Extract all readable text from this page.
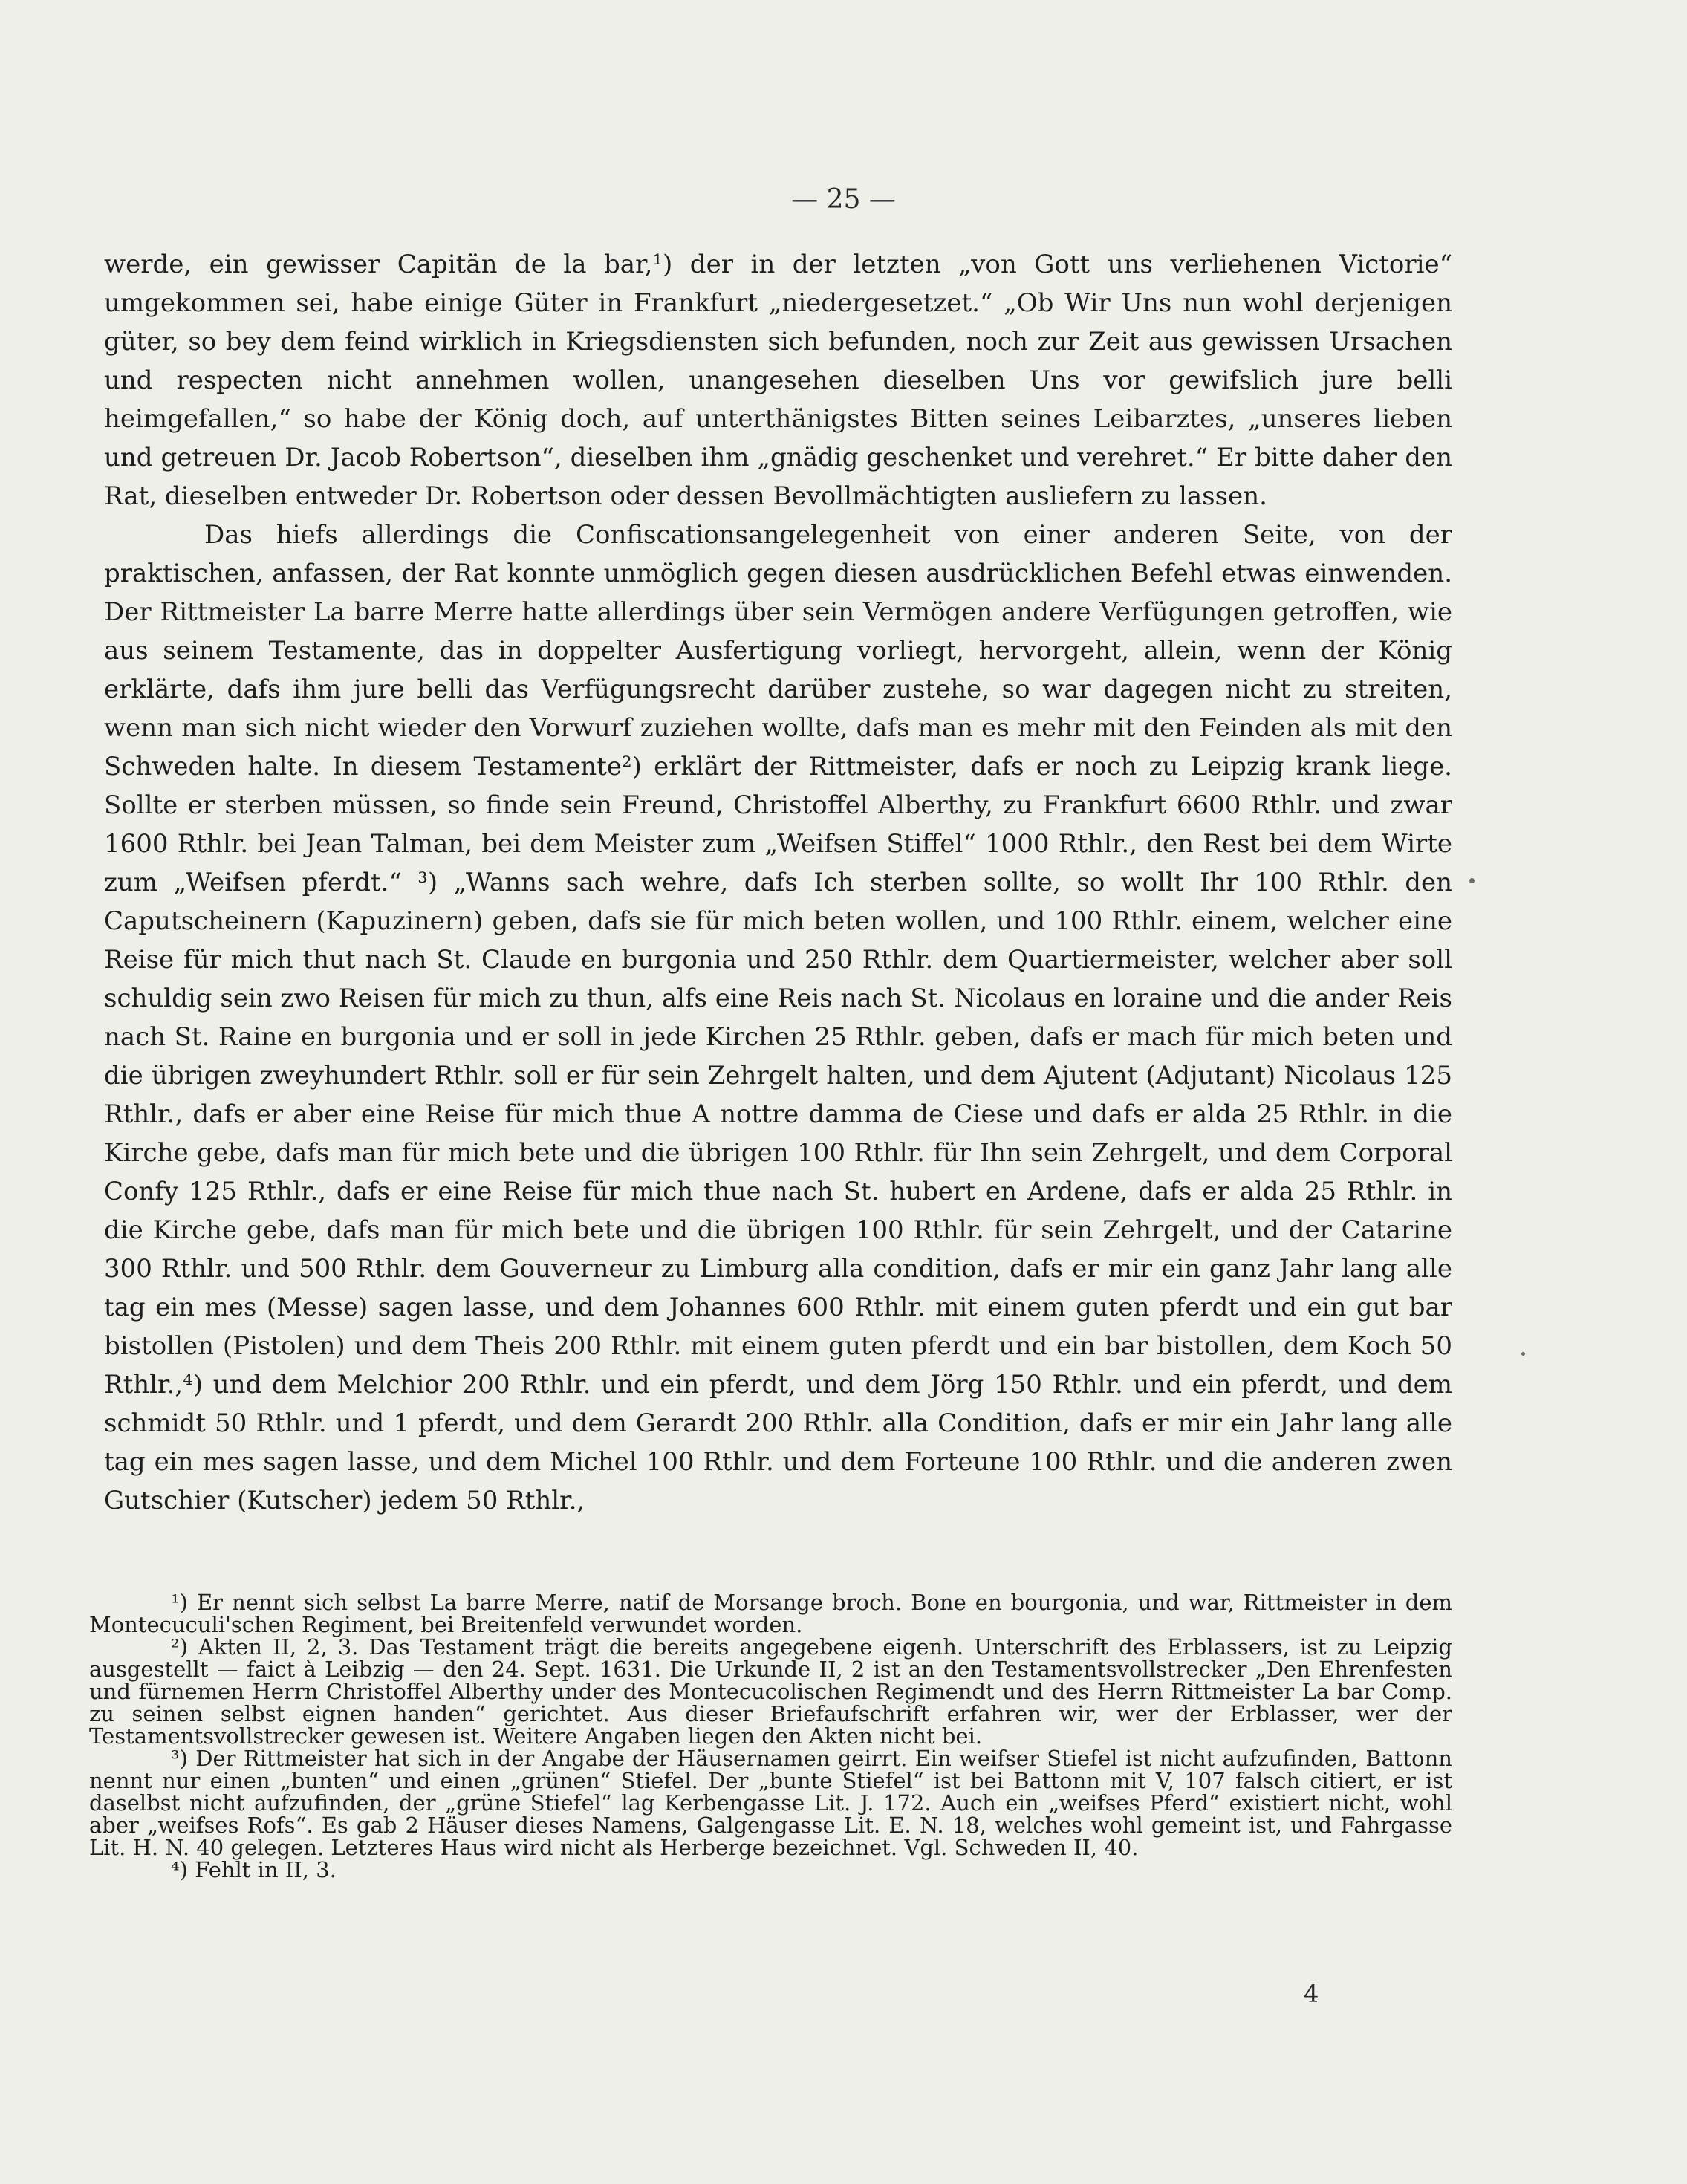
— 25 —

werde, ein gewisser Capitän de la bar,¹) der in der letzten „von Gott uns verliehenen Victorie“ umgekommen sei, habe einige Güter in Frankfurt „niedergesetzet.“ „Ob Wir Uns nun wohl derjenigen güter, so bey dem feind wirklich in Kriegsdiensten sich befunden, noch zur Zeit aus gewissen Ursachen und respecten nicht annehmen wollen, unangesehen dieselben Uns vor gewifslich jure belli heimgefallen,“ so habe der König doch, auf unterthänigstes Bitten seines Leibarztes, „unseres lieben und getreuen Dr. Jacob Robertson“, dieselben ihm „gnädig geschenket und verehret.“ Er bitte daher den Rat, dieselben entweder Dr. Robertson oder dessen Bevollmächtigten ausliefern zu lassen.

Das hiefs allerdings die Confiscationsangelegenheit von einer anderen Seite, von der praktischen, anfassen, der Rat konnte unmöglich gegen diesen ausdrücklichen Befehl etwas einwenden. Der Rittmeister La barre Merre hatte allerdings über sein Vermögen andere Verfügungen getroffen, wie aus seinem Testamente, das in doppelter Ausfertigung vorliegt, hervorgeht, allein, wenn der König erklärte, dafs ihm jure belli das Verfügungsrecht darüber zustehe, so war dagegen nicht zu streiten, wenn man sich nicht wieder den Vorwurf zuziehen wollte, dafs man es mehr mit den Feinden als mit den Schweden halte. In diesem Testamente²) erklärt der Rittmeister, dafs er noch zu Leipzig krank liege. Sollte er sterben müssen, so finde sein Freund, Christoffel Alberthy, zu Frankfurt 6600 Rthlr. und zwar 1600 Rthlr. bei Jean Talman, bei dem Meister zum „Weifsen Stiffel“ 1000 Rthlr., den Rest bei dem Wirte zum „Weifsen pferdt.“ ³) „Wanns sach wehre, dafs Ich sterben sollte, so wollt Ihr 100 Rthlr. den Caputscheinern (Kapuzinern) geben, dafs sie für mich beten wollen, und 100 Rthlr. einem, welcher eine Reise für mich thut nach St. Claude en burgonia und 250 Rthlr. dem Quartiermeister, welcher aber soll schuldig sein zwo Reisen für mich zu thun, alfs eine Reis nach St. Nicolaus en loraine und die ander Reis nach St. Raine en burgonia und er soll in jede Kirchen 25 Rthlr. geben, dafs er mach für mich beten und die übrigen zweyhundert Rthlr. soll er für sein Zehrgelt halten, und dem Ajutent (Adjutant) Nicolaus 125 Rthlr., dafs er aber eine Reise für mich thue A nottre damma de Ciese und dafs er alda 25 Rthlr. in die Kirche gebe, dafs man für mich bete und die übrigen 100 Rthlr. für Ihn sein Zehrgelt, und dem Corporal Confy 125 Rthlr., dafs er eine Reise für mich thue nach St. hubert en Ardene, dafs er alda 25 Rthlr. in die Kirche gebe, dafs man für mich bete und die übrigen 100 Rthlr. für sein Zehrgelt, und der Catarine 300 Rthlr. und 500 Rthlr. dem Gouverneur zu Limburg alla condition, dafs er mir ein ganz Jahr lang alle tag ein mes (Messe) sagen lasse, und dem Johannes 600 Rthlr. mit einem guten pferdt und ein gut bar bistollen (Pistolen) und dem Theis 200 Rthlr. mit einem guten pferdt und ein bar bistollen, dem Koch 50 Rthlr.,⁴) und dem Melchior 200 Rthlr. und ein pferdt, und dem Jörg 150 Rthlr. und ein pferdt, und dem schmidt 50 Rthlr. und 1 pferdt, und dem Gerardt 200 Rthlr. alla Condition, dafs er mir ein Jahr lang alle tag ein mes sagen lasse, und dem Michel 100 Rthlr. und dem Forteune 100 Rthlr. und die anderen zwen Gutschier (Kutscher) jedem 50 Rthlr.,

¹) Er nennt sich selbst La barre Merre, natif de Morsange broch. Bone en bourgonia, und war, Rittmeister in dem Montecuculi'schen Regiment, bei Breitenfeld verwundet worden.

²) Akten II, 2, 3. Das Testament trägt die bereits angegebene eigenh. Unterschrift des Erblassers, ist zu Leipzig ausgestellt — faict à Leibzig — den 24. Sept. 1631. Die Urkunde II, 2 ist an den Testamentsvollstrecker „Den Ehrenfesten und fürnemen Herrn Christoffel Alberthy under des Montecucolischen Regimendt und des Herrn Rittmeister La bar Comp. zu seinen selbst eignen handen“ gerichtet. Aus dieser Briefaufschrift erfahren wir, wer der Erblasser, wer der Testamentsvollstrecker gewesen ist. Weitere Angaben liegen den Akten nicht bei.

³) Der Rittmeister hat sich in der Angabe der Häusernamen geirrt. Ein weifser Stiefel ist nicht aufzufinden, Battonn nennt nur einen „bunten“ und einen „grünen“ Stiefel. Der „bunte Stiefel“ ist bei Battonn mit V, 107 falsch citiert, er ist daselbst nicht aufzufinden, der „grüne Stiefel“ lag Kerbengasse Lit. J. 172. Auch ein „weifses Pferd“ existiert nicht, wohl aber „weifses Rofs“. Es gab 2 Häuser dieses Namens, Galgengasse Lit. E. N. 18, welches wohl gemeint ist, und Fahrgasse Lit. H. N. 40 gelegen. Letzteres Haus wird nicht als Herberge bezeichnet. Vgl. Schweden II, 40.

⁴) Fehlt in II, 3.

4
